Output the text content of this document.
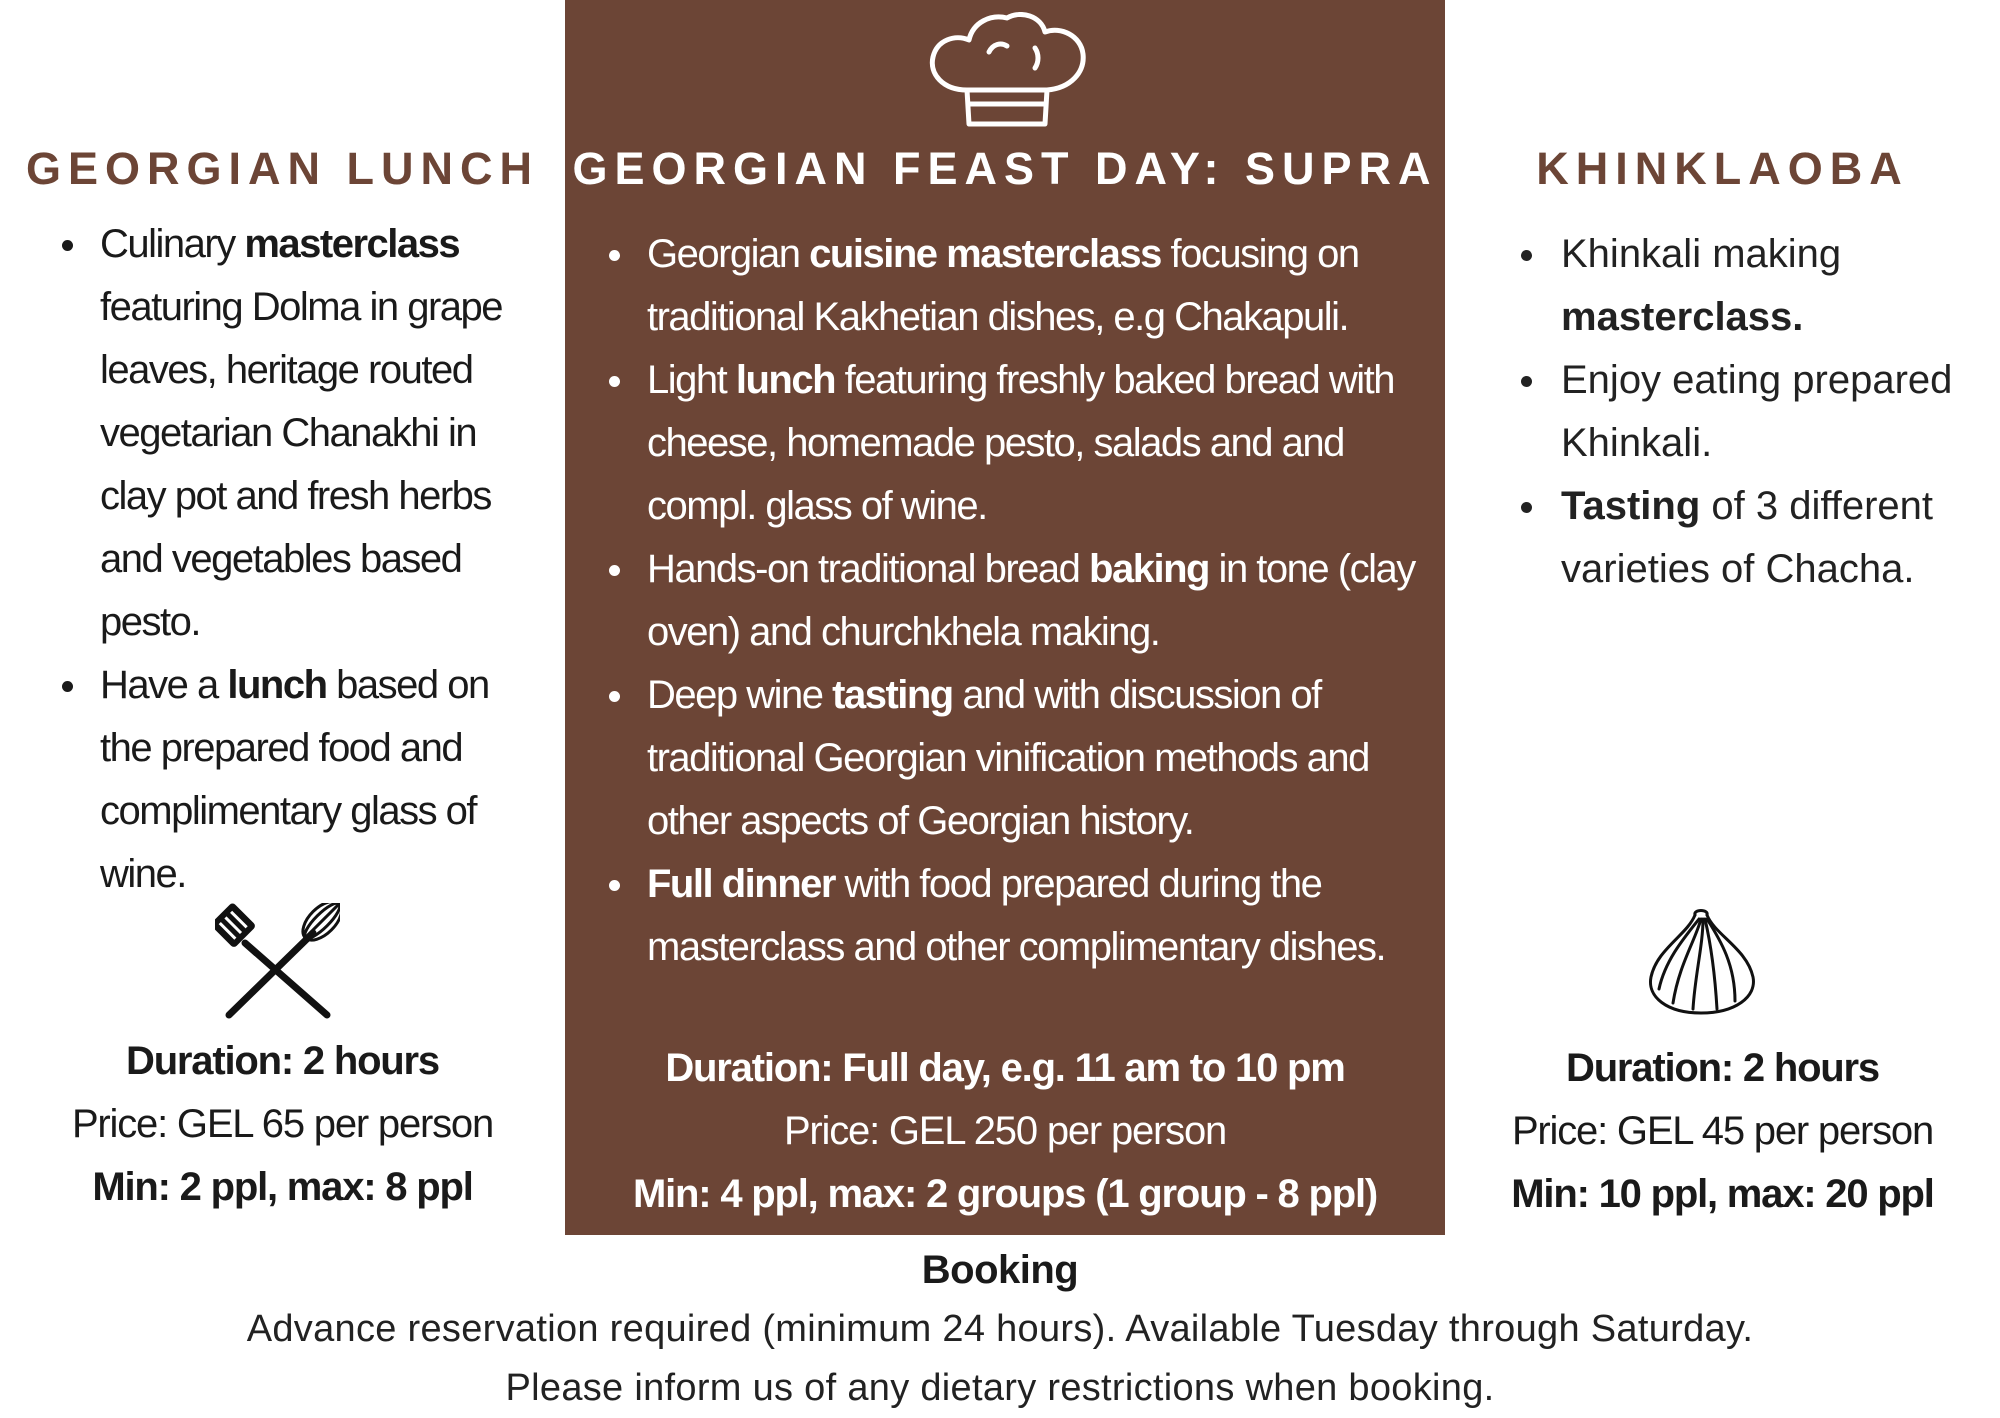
GEORGIAN LUNCH
Culinary masterclass featuring Dolma in grape leaves, heritage routed vegetarian Chanakhi in clay pot and fresh herbs and vegetables based pesto.
Have a lunch based on the prepared food and complimentary glass of wine.
Duration: 2 hours
Price: GEL 65 per person
Min: 2 ppl, max: 8 ppl
GEORGIAN FEAST DAY: SUPRA
Georgian cuisine masterclass focusing on traditional Kakhetian dishes, e.g Chakapuli.
Light lunch featuring freshly baked bread with cheese, homemade pesto, salads and and compl. glass of wine.
Hands-on traditional bread baking in tone (clay oven) and churchkhela making.
Deep wine tasting and with discussion of traditional Georgian vinification methods and other aspects of Georgian history.
Full dinner with food prepared during the masterclass and other complimentary dishes.
Duration: Full day, e.g. 11 am to 10 pm
Price: GEL 250 per person
Min: 4 ppl, max: 2 groups (1 group - 8 ppl)
KHINKLAOBA
Khinkali making masterclass.
Enjoy eating prepared Khinkali.
Tasting of 3 different varieties of Chacha.
Duration: 2 hours
Price: GEL 45 per person
Min: 10 ppl, max: 20 ppl
Booking
Advance reservation required (minimum 24 hours). Available Tuesday through Saturday.
Please inform us of any dietary restrictions when booking.
